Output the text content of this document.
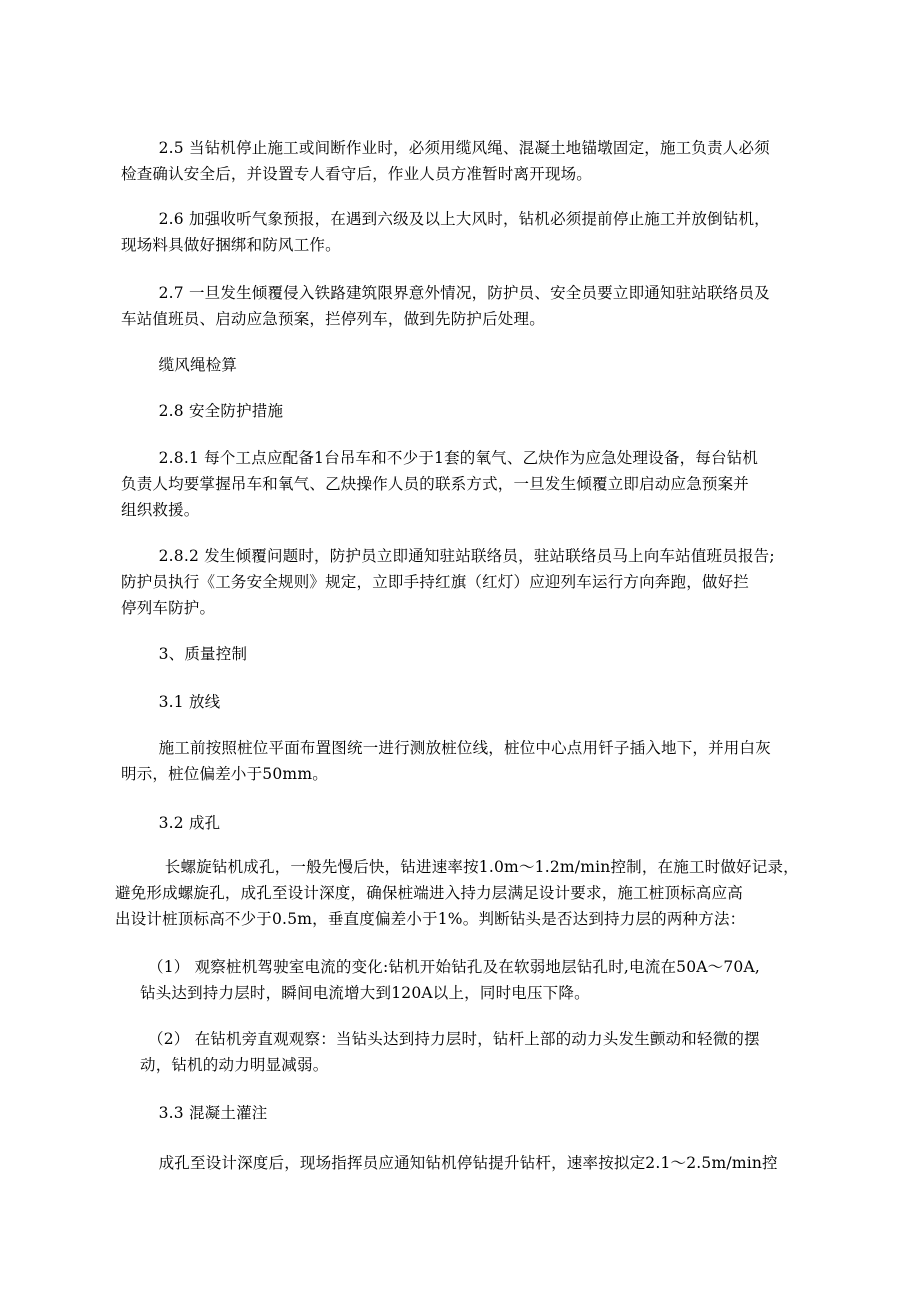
2.5 当钻机停止施工或间断作业时，必须用缆风绳、混凝土地锚墩固定，施工负责人必须
检查确认安全后，并设置专人看守后，作业人员方准暂时离开现场。

2.6 加强收听气象预报，在遇到六级及以上大风时，钻机必须提前停止施工并放倒钻机，
现场料具做好捆绑和防风工作。

2.7 一旦发生倾覆侵入铁路建筑限界意外情况，防护员、安全员要立即通知驻站联络员及
车站值班员、启动应急预案，拦停列车，做到先防护后处理。

缆风绳检算

2.8 安全防护措施

2.8.1 每个工点应配备1台吊车和不少于1套的氧气、乙炔作为应急处理设备，每台钻机
负责人均要掌握吊车和氧气、乙炔操作人员的联系方式，一旦发生倾覆立即启动应急预案并
组织救援。

2.8.2 发生倾覆问题时，防护员立即通知驻站联络员，驻站联络员马上向车站值班员报告;
防护员执行《工务安全规则》规定，立即手持红旗（红灯）应迎列车运行方向奔跑，做好拦
停列车防护。

3、质量控制

3.1 放线

施工前按照桩位平面布置图统一进行测放桩位线，桩位中心点用钎子插入地下，并用白灰
明示，桩位偏差小于50mm。

3.2 成孔

长螺旋钻机成孔，一般先慢后快，钻进速率按1.0m～1.2m/min控制，在施工时做好记录，
避免形成螺旋孔，成孔至设计深度，确保桩端进入持力层满足设计要求，施工桩顶标高应高
出设计桩顶标高不少于0.5m，垂直度偏差小于1%。判断钻头是否达到持力层的两种方法：

（1） 观察桩机驾驶室电流的变化:钻机开始钻孔及在软弱地层钻孔时,电流在50A～70A,
钻头达到持力层时，瞬间电流增大到120A以上，同时电压下降。

（2） 在钻机旁直观观察：当钻头达到持力层时，钻杆上部的动力头发生颤动和轻微的摆
动，钻机的动力明显减弱。

3.3 混凝土灌注

成孔至设计深度后，现场指挥员应通知钻机停钻提升钻杆，速率按拟定2.1～2.5m/min控
